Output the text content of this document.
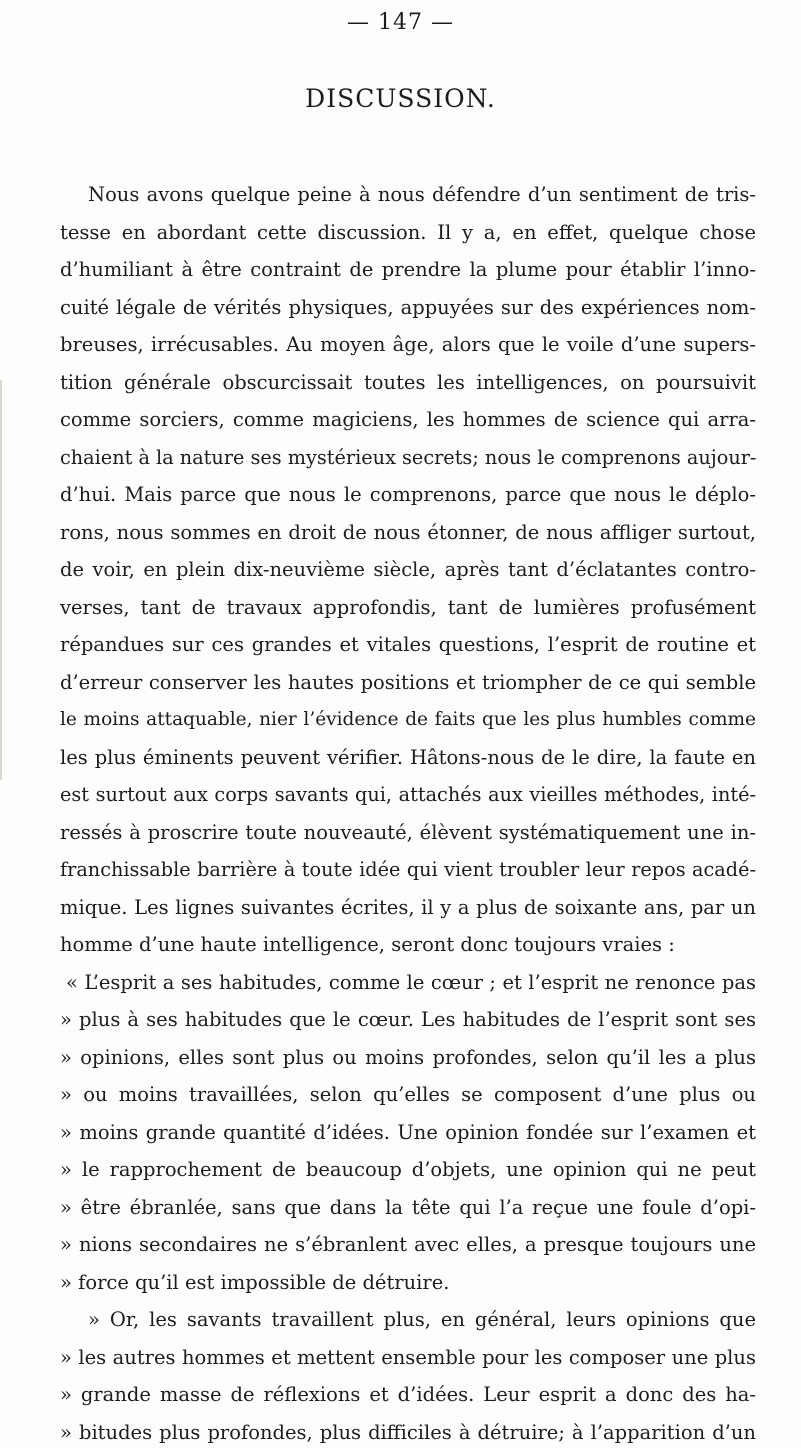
— 147 —
DISCUSSION.
Nous avons quelque peine à nous défendre d’un sentiment de tris-
tesse en abordant cette discussion. Il y a, en effet, quelque chose
d’humiliant à être contraint de prendre la plume pour établir l’inno-
cuité légale de vérités physiques, appuyées sur des expériences nom-
breuses, irrécusables. Au moyen âge, alors que le voile d’une supers-
tition générale obscurcissait toutes les intelligences, on poursuivit
comme sorciers, comme magiciens, les hommes de science qui arra-
chaient à la nature ses mystérieux secrets; nous le comprenons aujour-
d’hui. Mais parce que nous le comprenons, parce que nous le déplo-
rons, nous sommes en droit de nous étonner, de nous affliger surtout,
de voir, en plein dix-neuvième siècle, après tant d’éclatantes contro-
verses, tant de travaux approfondis, tant de lumières profusément
répandues sur ces grandes et vitales questions, l’esprit de routine et
d’erreur conserver les hautes positions et triompher de ce qui semble
le moins attaquable, nier l’évidence de faits que les plus humbles comme
les plus éminents peuvent vérifier. Hâtons-nous de le dire, la faute en
est surtout aux corps savants qui, attachés aux vieilles méthodes, inté-
ressés à proscrire toute nouveauté, élèvent systématiquement une in-
franchissable barrière à toute idée qui vient troubler leur repos acadé-
mique. Les lignes suivantes écrites, il y a plus de soixante ans, par un
homme d’une haute intelligence, seront donc toujours vraies :
« L’esprit a ses habitudes, comme le cœur ; et l’esprit ne renonce pas
» plus à ses habitudes que le cœur. Les habitudes de l’esprit sont ses
» opinions, elles sont plus ou moins profondes, selon qu’il les a plus
» ou moins travaillées, selon qu’elles se composent d’une plus ou
» moins grande quantité d’idées. Une opinion fondée sur l’examen et
» le rapprochement de beaucoup d’objets, une opinion qui ne peut
» être ébranlée, sans que dans la tête qui l’a reçue une foule d’opi-
» nions secondaires ne s’ébranlent avec elles, a presque toujours une
» force qu’il est impossible de détruire.
» Or, les savants travaillent plus, en général, leurs opinions que
» les autres hommes et mettent ensemble pour les composer une plus
» grande masse de réflexions et d’idées. Leur esprit a donc des ha-
» bitudes plus profondes, plus difficiles à détruire; à l’apparition d’un
